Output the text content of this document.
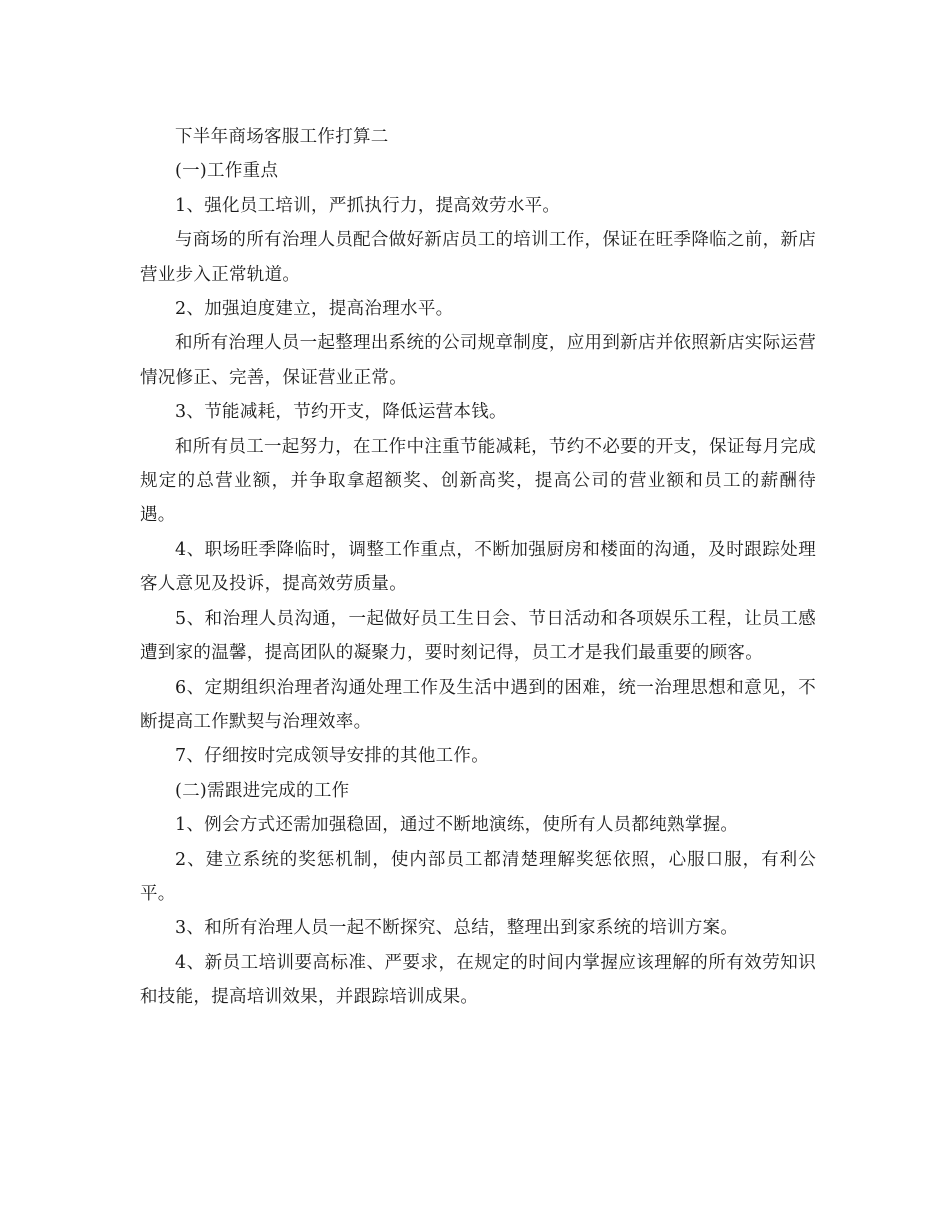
下半年商场客服工作打算二

(一)工作重点

1、强化员工培训，严抓执行力，提高效劳水平。

与商场的所有治理人员配合做好新店员工的培训工作，保证在旺季降临之前，新店营业步入正常轨道。

2、加强迫度建立，提高治理水平。

和所有治理人员一起整理出系统的公司规章制度，应用到新店并依照新店实际运营情况修正、完善，保证营业正常。

3、节能减耗，节约开支，降低运营本钱。

和所有员工一起努力，在工作中注重节能减耗，节约不必要的开支，保证每月完成规定的总营业额，并争取拿超额奖、创新高奖，提高公司的营业额和员工的薪酬待遇。

4、职场旺季降临时，调整工作重点，不断加强厨房和楼面的沟通，及时跟踪处理客人意见及投诉，提高效劳质量。

5、和治理人员沟通，一起做好员工生日会、节日活动和各项娱乐工程，让员工感遭到家的温馨，提高团队的凝聚力，要时刻记得，员工才是我们最重要的顾客。

6、定期组织治理者沟通处理工作及生活中遇到的困难，统一治理思想和意见，不断提高工作默契与治理效率。

7、仔细按时完成领导安排的其他工作。

(二)需跟进完成的工作

1、例会方式还需加强稳固，通过不断地演练，使所有人员都纯熟掌握。

2、建立系统的奖惩机制，使内部员工都清楚理解奖惩依照，心服口服，有利公平。

3、和所有治理人员一起不断探究、总结，整理出到家系统的培训方案。

4、新员工培训要高标准、严要求，在规定的时间内掌握应该理解的所有效劳知识和技能，提高培训效果，并跟踪培训成果。
